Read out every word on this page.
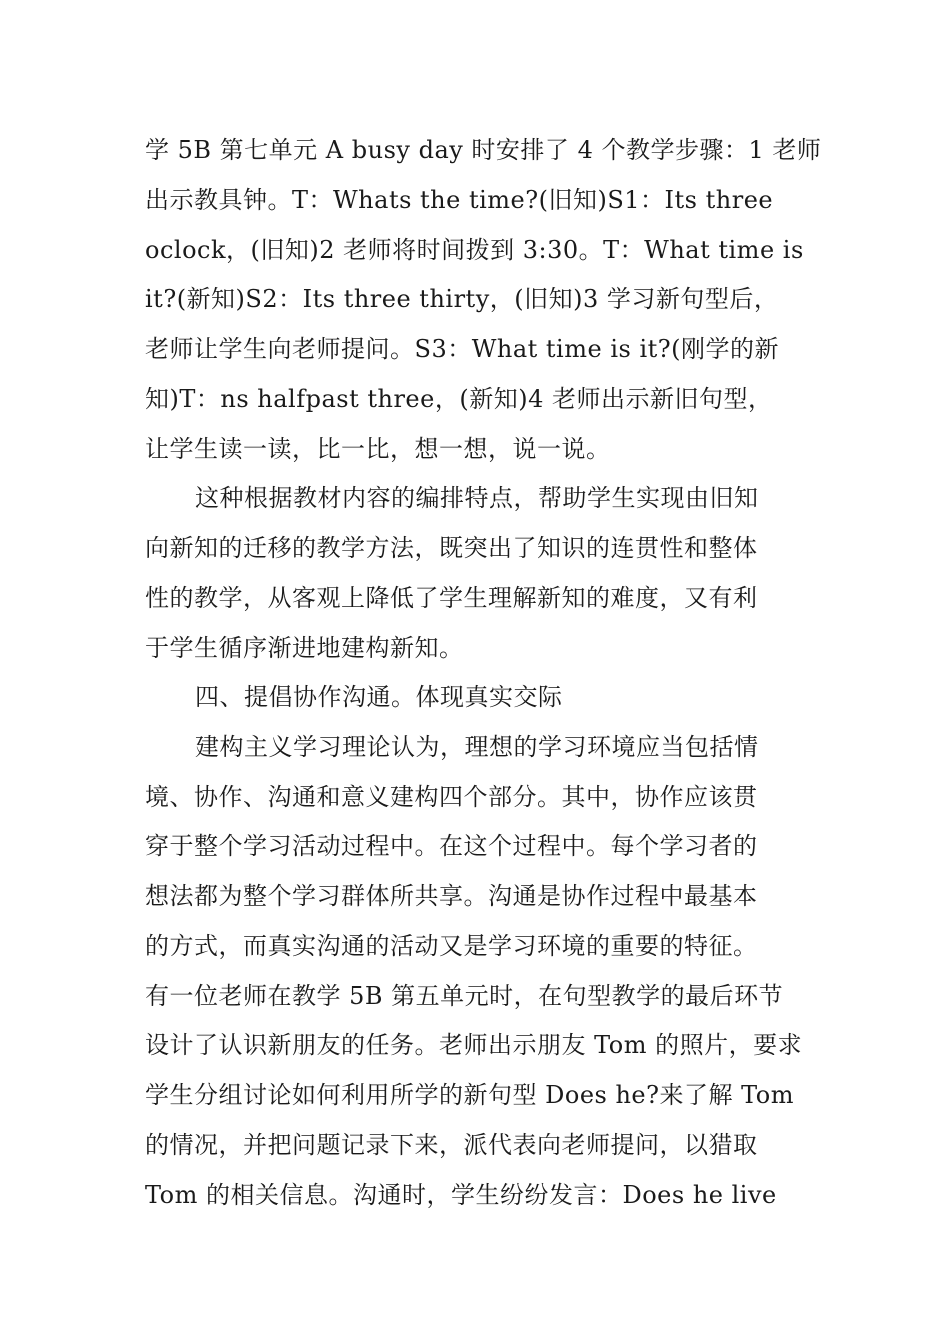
学 5B 第七单元 A busy day 时安排了 4 个教学步骤：1 老师
出示教具钟。T：Whats the time?(旧知)S1：Its three
oclock，(旧知)2 老师将时间拨到 3:30。T：What time is
it?(新知)S2：Its three thirty，(旧知)3 学习新句型后，
老师让学生向老师提问。S3：What time is it?(刚学的新
知)T：ns halfpast three，(新知)4 老师出示新旧句型，
让学生读一读，比一比，想一想，说一说。
这种根据教材内容的编排特点，帮助学生实现由旧知
向新知的迁移的教学方法，既突出了知识的连贯性和整体
性的教学，从客观上降低了学生理解新知的难度，又有利
于学生循序渐进地建构新知。
四、提倡协作沟通。体现真实交际
建构主义学习理论认为，理想的学习环境应当包括情
境、协作、沟通和意义建构四个部分。其中，协作应该贯
穿于整个学习活动过程中。在这个过程中。每个学习者的
想法都为整个学习群体所共享。沟通是协作过程中最基本
的方式，而真实沟通的活动又是学习环境的重要的特征。
有一位老师在教学 5B 第五单元时，在句型教学的最后环节
设计了认识新朋友的任务。老师出示朋友 Tom 的照片，要求
学生分组讨论如何利用所学的新句型 Does he?来了解 Tom
的情况，并把问题记录下来，派代表向老师提问，以猎取
Tom 的相关信息。沟通时，学生纷纷发言：Does he live
